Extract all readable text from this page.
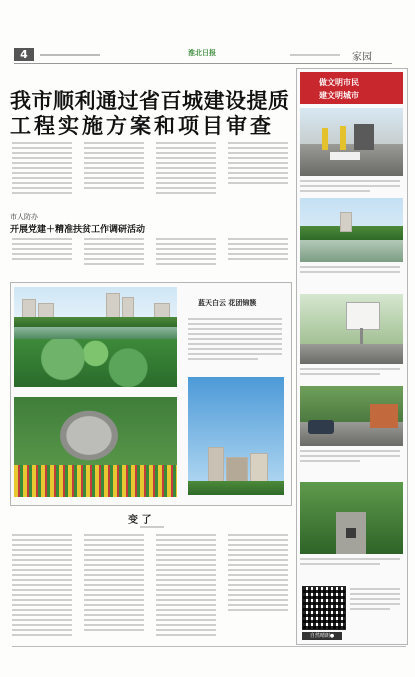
4	淮北日报	家园
我市顺利通过省百城建设提质
工程实施方案和项目审查
市人防办
开展党建＋精准扶贫工作调研活动
蓝天白云 花团锦簇
变 了
做文明市民
建文明城市
自然晴朗●
